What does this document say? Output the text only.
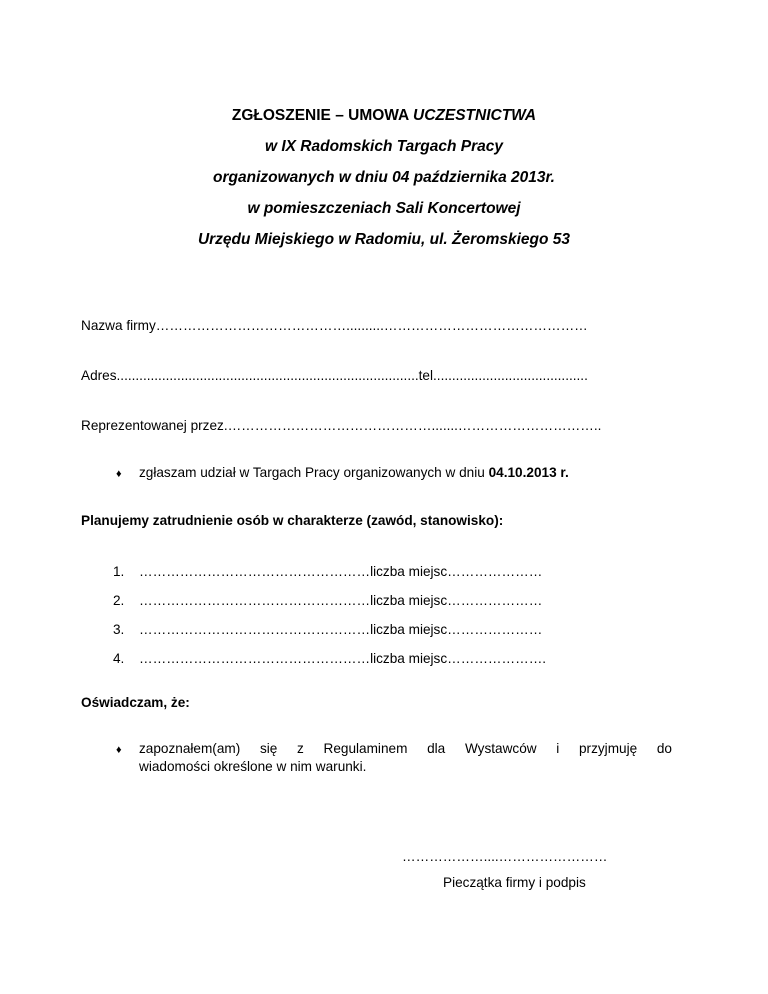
ZGŁOSZENIE – UMOWA UCZESTNICTWA
w IX Radomskich Targach Pracy
organizowanych w dniu 04 października 2013r.
w pomieszczeniach Sali Koncertowej
Urzędu Miejskiego w Radomiu, ul. Żeromskiego 53
Nazwa firmy……………………………………..........………………………………………
Adres................................................................................tel.........................................
Reprezentowanej przez.……………………………………….......…………………………..
♦ zgłaszam udział w Targach Pracy organizowanych w dniu 04.10.2013 r.
Planujemy zatrudnienie osób w charakterze (zawód, stanowisko):
1. ……………………………………………liczba miejsc…………………
2. ……………………………………………liczba miejsc…………………
3. ……………………………………………liczba miejsc…………………
4. ……………………………………………liczba miejsc………………….
Oświadczam, że:
♦ zapoznałem(am) się z Regulaminem dla Wystawców i przyjmuję do
wiadomości określone w nim warunki.
………………....……………………
Pieczątka firmy i podpis
